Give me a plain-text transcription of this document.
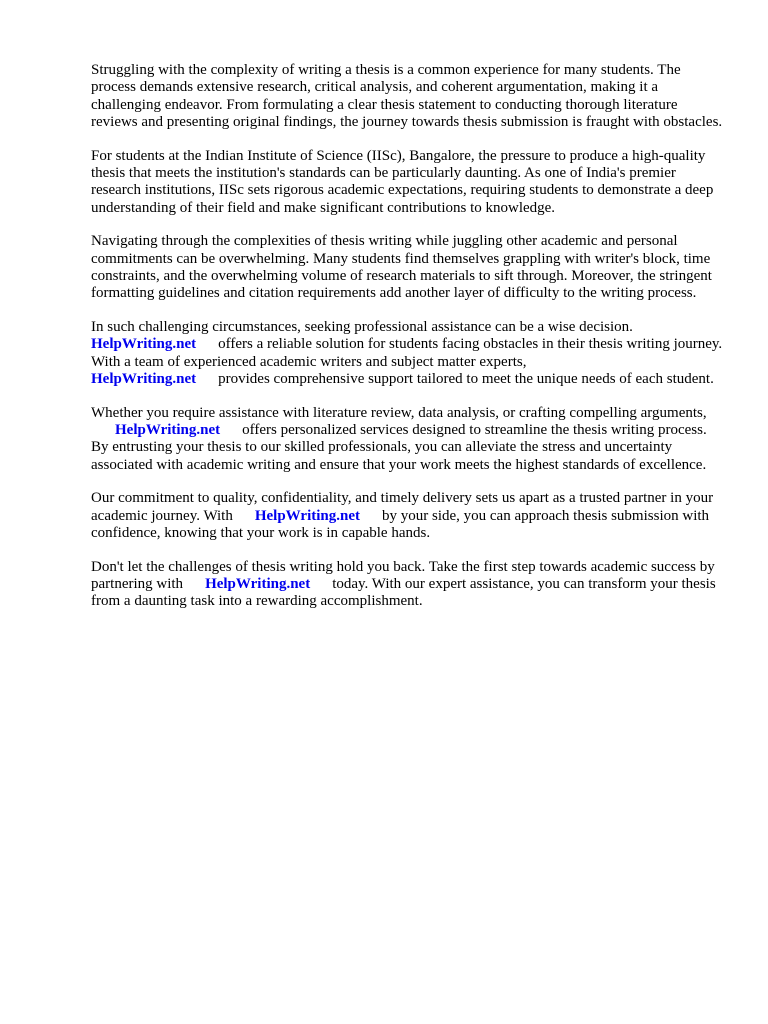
Struggling with the complexity of writing a thesis is a common experience for many students. The process demands extensive research, critical analysis, and coherent argumentation, making it a challenging endeavor. From formulating a clear thesis statement to conducting thorough literature reviews and presenting original findings, the journey towards thesis submission is fraught with obstacles.

For students at the Indian Institute of Science (IISc), Bangalore, the pressure to produce a high-quality thesis that meets the institution's standards can be particularly daunting. As one of India's premier research institutions, IISc sets rigorous academic expectations, requiring students to demonstrate a deep understanding of their field and make significant contributions to knowledge.

Navigating through the complexities of thesis writing while juggling other academic and personal commitments can be overwhelming. Many students find themselves grappling with writer's block, time constraints, and the overwhelming volume of research materials to sift through. Moreover, the stringent formatting guidelines and citation requirements add another layer of difficulty to the writing process.

In such challenging circumstances, seeking professional assistance can be a wise decision.
HelpWriting.net offers a reliable solution for students facing obstacles in their thesis writing journey. With a team of experienced academic writers and subject matter experts,
HelpWriting.net provides comprehensive support tailored to meet the unique needs of each student.

Whether you require assistance with literature review, data analysis, or crafting compelling arguments,HelpWriting.net offers personalized services designed to streamline the thesis writing process. By entrusting your thesis to our skilled professionals, you can alleviate the stress and uncertainty associated with academic writing and ensure that your work meets the highest standards of excellence.

Our commitment to quality, confidentiality, and timely delivery sets us apart as a trusted partner in your academic journey. With HelpWriting.net by your side, you can approach thesis submission with confidence, knowing that your work is in capable hands.

Don't let the challenges of thesis writing hold you back. Take the first step towards academic success by partnering with HelpWriting.net today. With our expert assistance, you can transform your thesis from a daunting task into a rewarding accomplishment.
